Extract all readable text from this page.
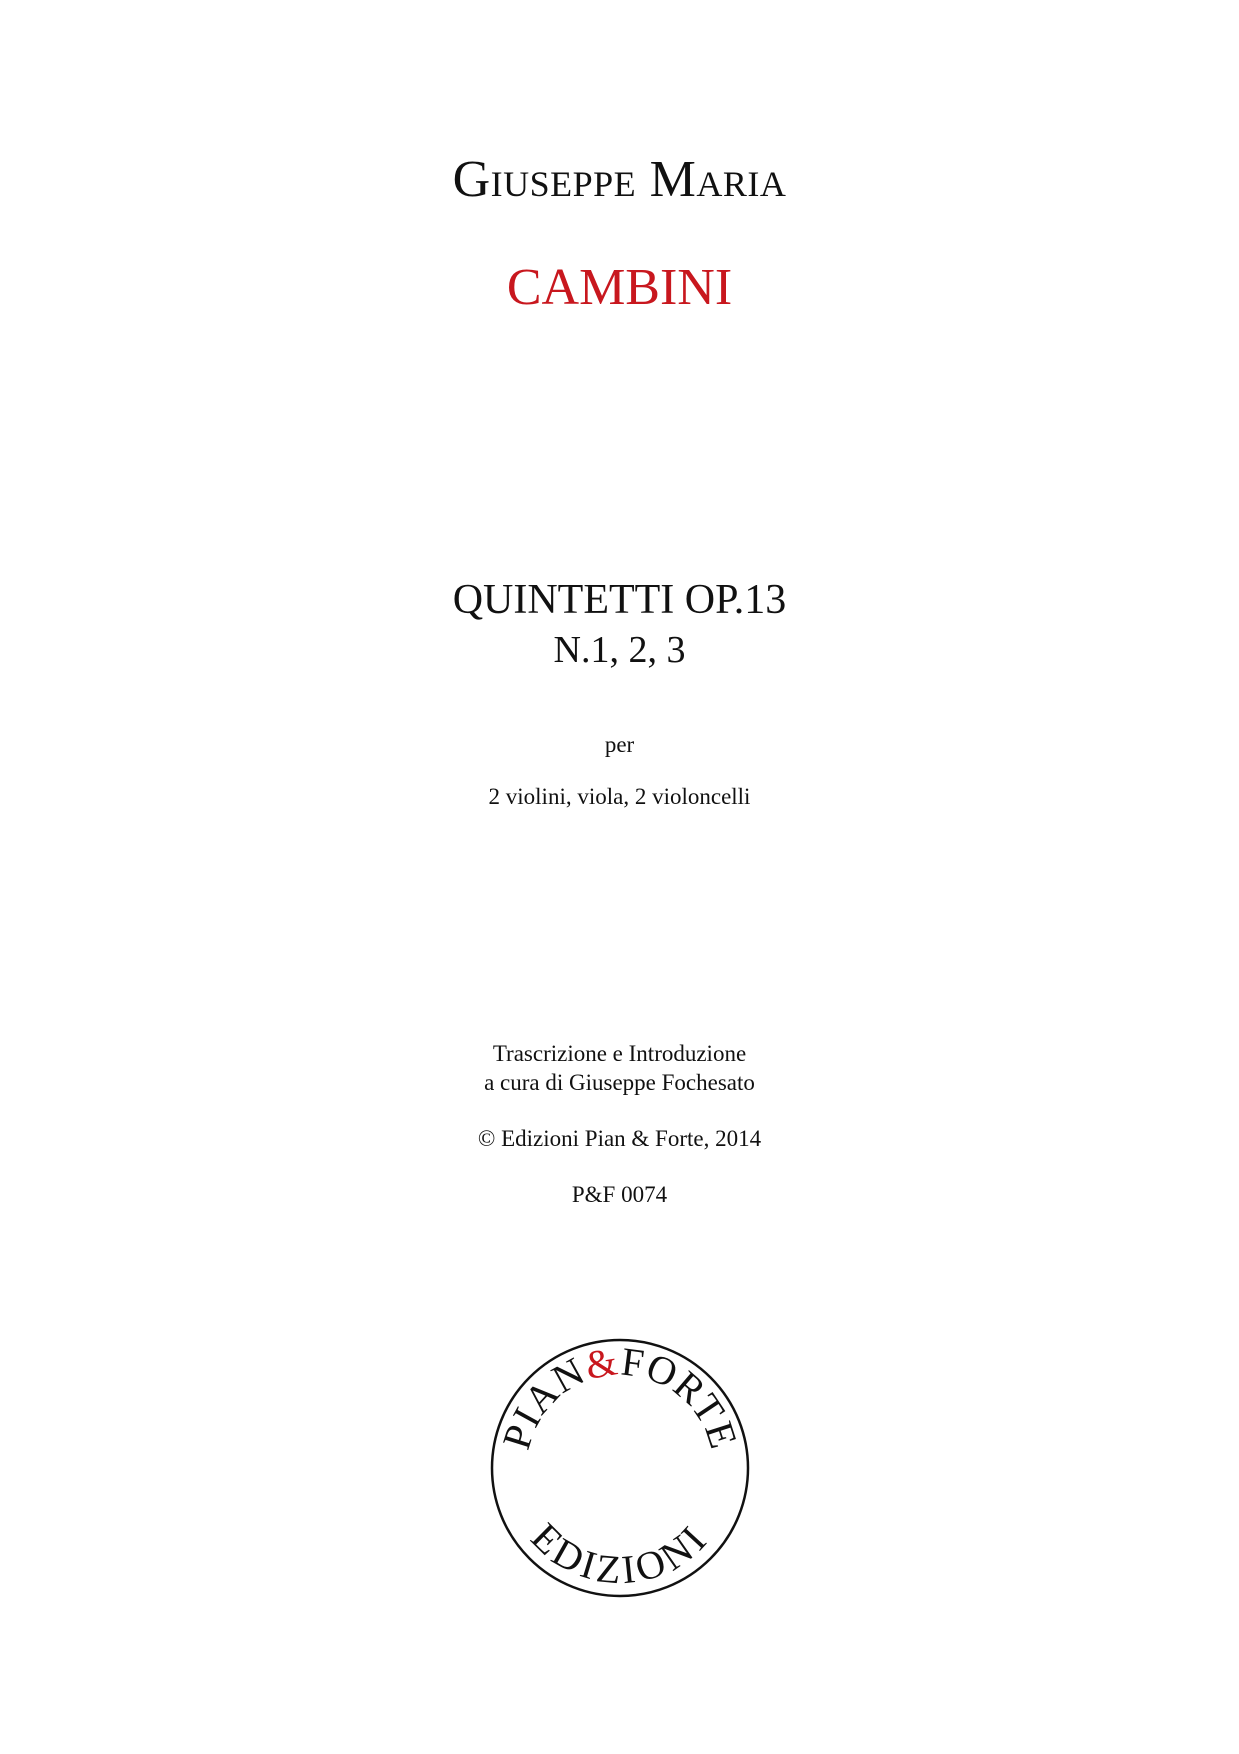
Giuseppe Maria
CAMBINI
QUINTETTI OP.13
N.1, 2, 3
per
2 violini, viola, 2 violoncelli
Trascrizione e Introduzione
a cura di Giuseppe Fochesato
© Edizioni Pian & Forte, 2014
P&F 0074
PIAN&FORTE
EDIZIONI
